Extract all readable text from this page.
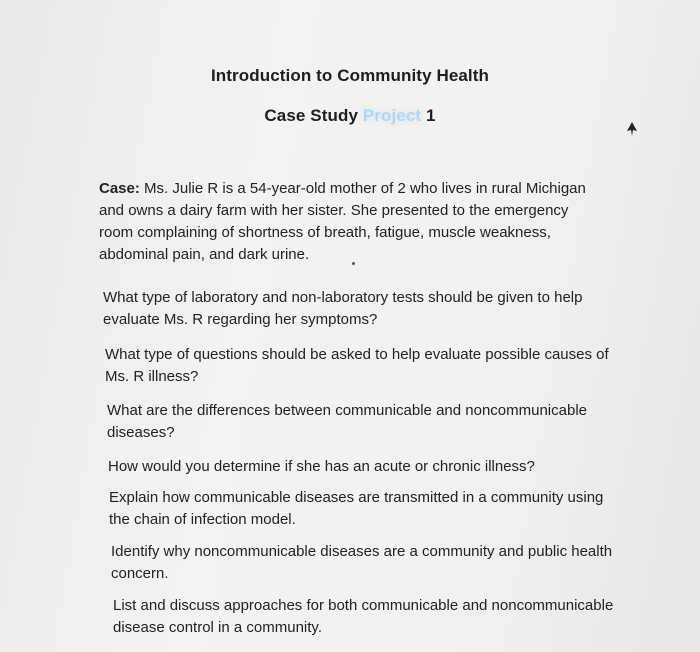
Introduction to Community Health
Case Study Project 1
Case: Ms. Julie R is a 54-year-old mother of 2 who lives in rural Michigan
and owns a dairy farm with her sister. She presented to the emergency
room complaining of shortness of breath, fatigue, muscle weakness,
abdominal pain, and dark urine.
What type of laboratory and non-laboratory tests should be given to help
evaluate Ms. R regarding her symptoms?
What type of questions should be asked to help evaluate possible causes of
Ms. R illness?
What are the differences between communicable and noncommunicable
diseases?
How would you determine if she has an acute or chronic illness?
Explain how communicable diseases are transmitted in a community using
the chain of infection model.
Identify why noncommunicable diseases are a community and public health
concern.
List and discuss approaches for both communicable and noncommunicable
disease control in a community.
